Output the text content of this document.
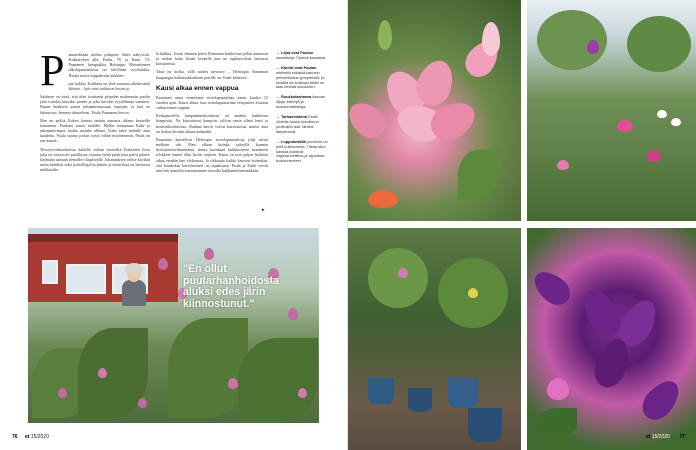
P aanarikkaan mökin pihapiiry lähes näkyvistä. Kukkaryhyn alle. Paula, 78, ja Kake, 72. Paananen kesäpaikka Helsingin Hietaniemen ulkolopuutarhassa on tulvillaan syyskukkia. Hieaja muita loppukesän kukkien-

pia kukkia. Kukkina on yhtä runsasta alkukesästä lähtien – lajit vain vaihtuvat kesän ja.

Salainen on siinä, että olen istuttanut päipelan molemmin puolin joka toiseksi kasviksi pionin ja joka toiseksi syyslehman sammen. Ennen kukkivat pionit juhannusruusuun tarpojen, ja kun ne lakastuvat, lemmet alustelevat, Paula Paananen kertoo.

Hän on ajellut Kaken kanssa tänään aamusta alkaen kesäeille lautomme. Pauliani sanoo mökille. Mökki naistaman Kake ja rakennusvarpia, nauha aurinko alkuun. Kake tulee mökille aina kuudelta. Paula suunta joskus vasta vähän myöhemmin. Paula on sen kenttä.

Terveysvaihtoehtoisia kaikilla viehan teeriviltä Kakeinen ilosa joka on vierasvast puolikotia, muutta viettä pitää joka päivä pääsee käymään aamuin tiemallet iltapäivälle. Juhannuksen ohitse kävikin usein kahdesti sekä työkollegoilta kaksin ja usein iltaa tai hermoon mökkasilta.

la kukkia. Uusin ilminen päivä Paananen kukkivina pitkin aamuisin ja mökin koko kesän keskellä kun ne tupikasvikset lausuvat kaistaleesta.

Tänä on kolku, sillä niiden tarvitsee – Helsingin Samaman kaupungin kukkasakkoiltaan portille on. Kake kehaisee.

Kausi alkaa ennen vappua

Paananen omat vientimeet siirtolapuutarhan aamu kiraksi 15 vuoden ajan. Kausi alkaa, kun siirtolapuutarhan vesipisteet avataan vähän ennen vappua.

Keskapuolella kaupunkimaisemissa on ainakin kukkiinsa kompostit. Ne kuivattavat kumpiin, jolloin ensin silmä lensi ja kesävaihtoehtoisin. Rauhan kasvit voivat kasvustossa, muttei aina on kolme kevään aikana kulmalla.

Paananen kiertelivät Helsingin siirtolapuutarhoja joka niistä melkein ohi. Pian ollaan kuinka syksyllä kuumia hyötykaasuvihanneksia, mutta kuinkaan kukkimiseen kestäneen rilokkeet taimet ollut kovin tarpeen. Kausi on niin paljon herkkää aikaa etenkin heti elokuussa. Ja rikkautta kaikki kasvien kuitenkin, että kaudetkin kasvihuoneet on tapahtuma. Paula ja Kake vievät niin heti aamulla meremanteen toiveilla kukkaintelemintäkään.

▸
→ Liljat ovat Paulan suosikkeja. Pyöreä kantaisia.
→ Kärhöt ovat Paulan mielestä ehkäisä kaunein peltoleikkaus tynnyreissä, ja kesällä ne kukkivat sitten ne taas kestää kuivuuden.
→ Ruukkutarhassa kasvaa liljoja, kärhöjä ja tuoksumakkaraja.
→ Tarhavinkkinä Etoile Violette kukkii heinäkuun puoliväliin asti, lähteä lämpimänä.
→ Loppukesällä puutarha on yhtä kukkamerta. Tähtipullon kanssa kukkivat virginianneilikka ja alpinikka-tuoksuherneet.
"En ollut puutarhanhoidosta aluksi edes järin kiinnostunut."
76 et 15/2020	et 15/2020 77
